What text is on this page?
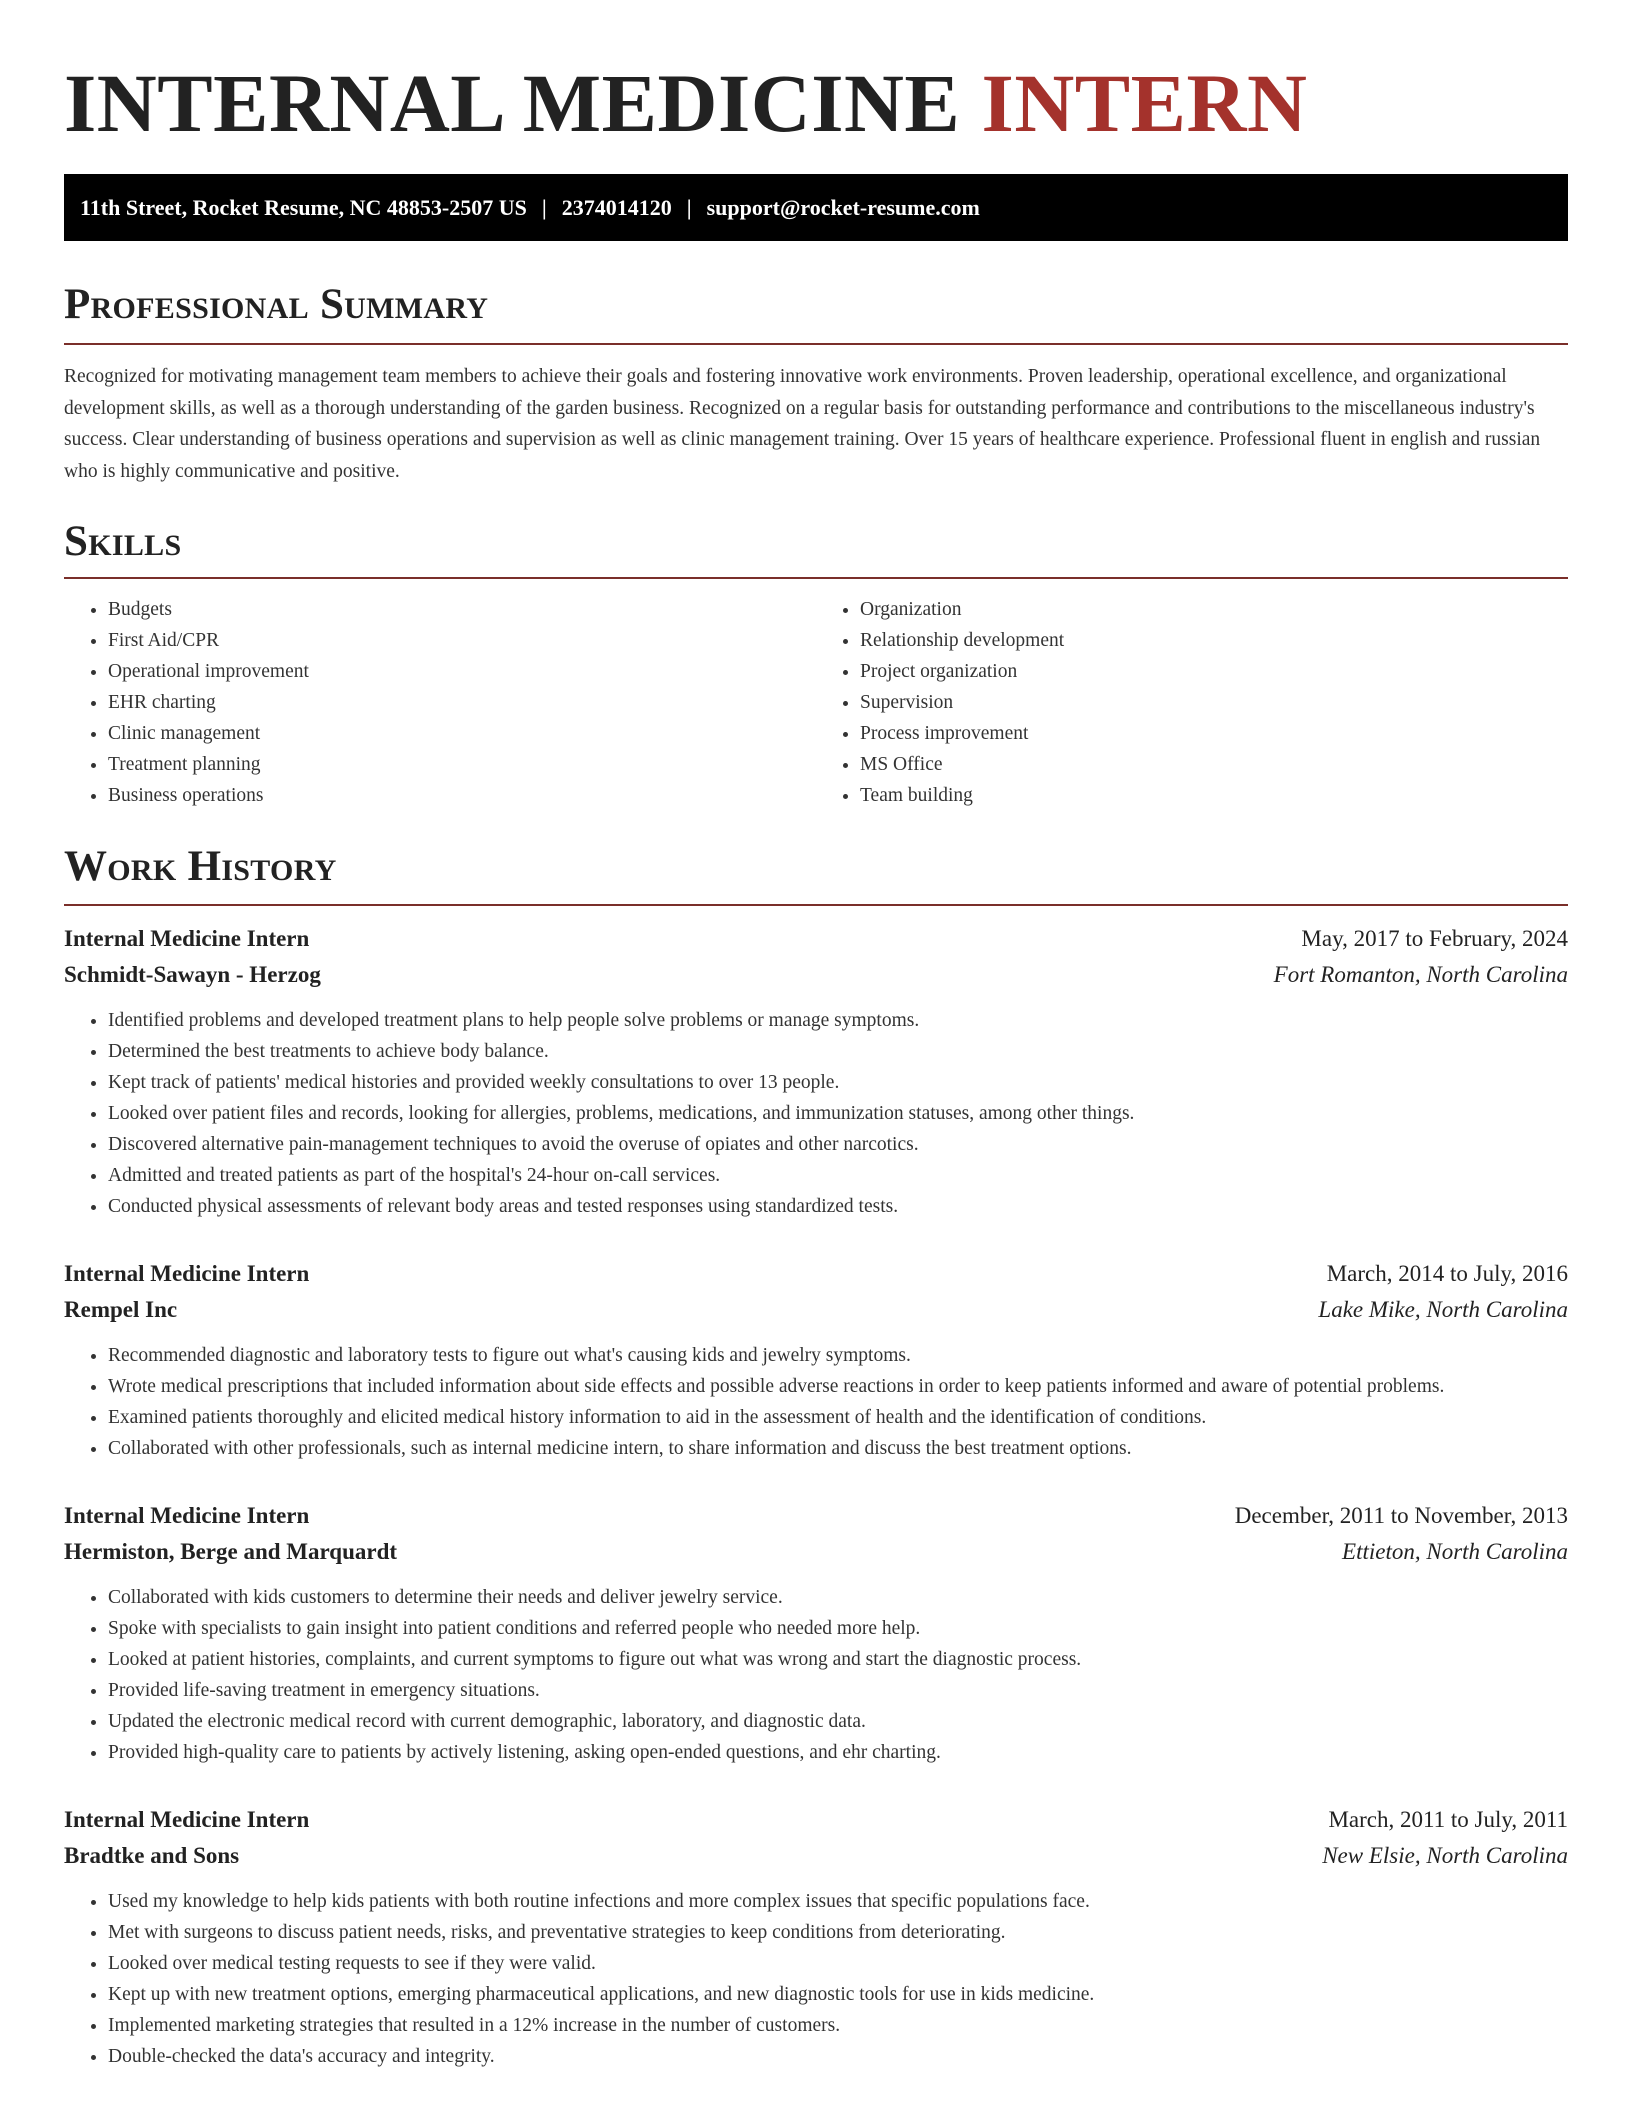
INTERNAL MEDICINE INTERN
11th Street, Rocket Resume, NC 48853-2507 US | 2374014120 | support@rocket-resume.com
Professional Summary

Recognized for motivating management team members to achieve their goals and fostering innovative work environments. Proven leadership, operational excellence, and organizational development skills, as well as a thorough understanding of the garden business. Recognized on a regular basis for outstanding performance and contributions to the miscellaneous industry's success. Clear understanding of business operations and supervision as well as clinic management training. Over 15 years of healthcare experience. Professional fluent in english and russian who is highly communicative and positive.

Skills
• Budgets
• First Aid/CPR
• Operational improvement
• EHR charting
• Clinic management
• Treatment planning
• Business operations
• Organization
• Relationship development
• Project organization
• Supervision
• Process improvement
• MS Office
• Team building
Work History
Internal Medicine Intern	May, 2017 to February, 2024
Schmidt-Sawayn - Herzog	Fort Romanton, North Carolina
• Identified problems and developed treatment plans to help people solve problems or manage symptoms.
• Determined the best treatments to achieve body balance.
• Kept track of patients' medical histories and provided weekly consultations to over 13 people.
• Looked over patient files and records, looking for allergies, problems, medications, and immunization statuses, among other things.
• Discovered alternative pain-management techniques to avoid the overuse of opiates and other narcotics.
• Admitted and treated patients as part of the hospital's 24-hour on-call services.
• Conducted physical assessments of relevant body areas and tested responses using standardized tests.
Internal Medicine Intern	March, 2014 to July, 2016
Rempel Inc	Lake Mike, North Carolina
• Recommended diagnostic and laboratory tests to figure out what's causing kids and jewelry symptoms.
• Wrote medical prescriptions that included information about side effects and possible adverse reactions in order to keep patients informed and aware of potential problems.
• Examined patients thoroughly and elicited medical history information to aid in the assessment of health and the identification of conditions.
• Collaborated with other professionals, such as internal medicine intern, to share information and discuss the best treatment options.
Internal Medicine Intern	December, 2011 to November, 2013
Hermiston, Berge and Marquardt	Ettieton, North Carolina
• Collaborated with kids customers to determine their needs and deliver jewelry service.
• Spoke with specialists to gain insight into patient conditions and referred people who needed more help.
• Looked at patient histories, complaints, and current symptoms to figure out what was wrong and start the diagnostic process.
• Provided life-saving treatment in emergency situations.
• Updated the electronic medical record with current demographic, laboratory, and diagnostic data.
• Provided high-quality care to patients by actively listening, asking open-ended questions, and ehr charting.
Internal Medicine Intern	March, 2011 to July, 2011
Bradtke and Sons	New Elsie, North Carolina
• Used my knowledge to help kids patients with both routine infections and more complex issues that specific populations face.
• Met with surgeons to discuss patient needs, risks, and preventative strategies to keep conditions from deteriorating.
• Looked over medical testing requests to see if they were valid.
• Kept up with new treatment options, emerging pharmaceutical applications, and new diagnostic tools for use in kids medicine.
• Implemented marketing strategies that resulted in a 12% increase in the number of customers.
• Double-checked the data's accuracy and integrity.
